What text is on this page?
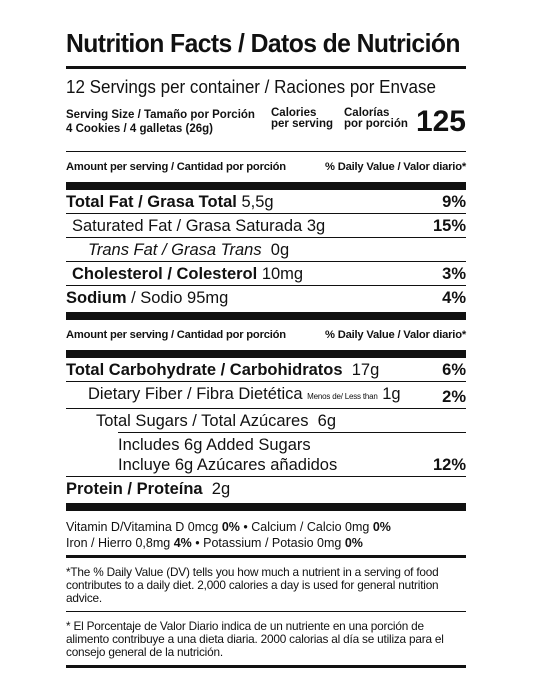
Nutrition Facts / Datos de Nutrición
12 Servings per container / Raciones por Envase
Serving Size / Tamaño por Porción
4 Cookies / 4 galletas (26g)
Calories
per serving
Calorías
por porción 125
Amount per serving / Cantidad por porción	% Daily Value / Valor diario*
Total Fat / Grasa Total 5,5g	9%
Saturated Fat / Grasa Saturada 3g	15%
Trans Fat / Grasa Trans 0g
Cholesterol / Colesterol 10mg	3%
Sodium / Sodio 95mg	4%
Amount per serving / Cantidad por porción	% Daily Value / Valor diario*
Total Carbohydrate / Carbohidratos 17g	6%
Dietary Fiber / Fibra Dietética Menos de/ Less than 1g	2%
Total Sugars / Total Azúcares 6g
Includes 6g Added Sugars
Incluye 6g Azúcares añadidos	12%
Protein / Proteína 2g
Vitamin D/Vitamina D 0mcg 0% • Calcium / Calcio 0mg 0%
Iron / Hierro 0,8mg 4% • Potassium / Potasio 0mg 0%
*The % Daily Value (DV) tells you how much a nutrient in a serving of food contributes to a daily diet. 2,000 calories a day is used for general nutrition advice.
* El Porcentaje de Valor Diario indica de un nutriente en una porción de alimento contribuye a una dieta diaria. 2000 calorias al día se utiliza para el consejo general de la nutrición.
